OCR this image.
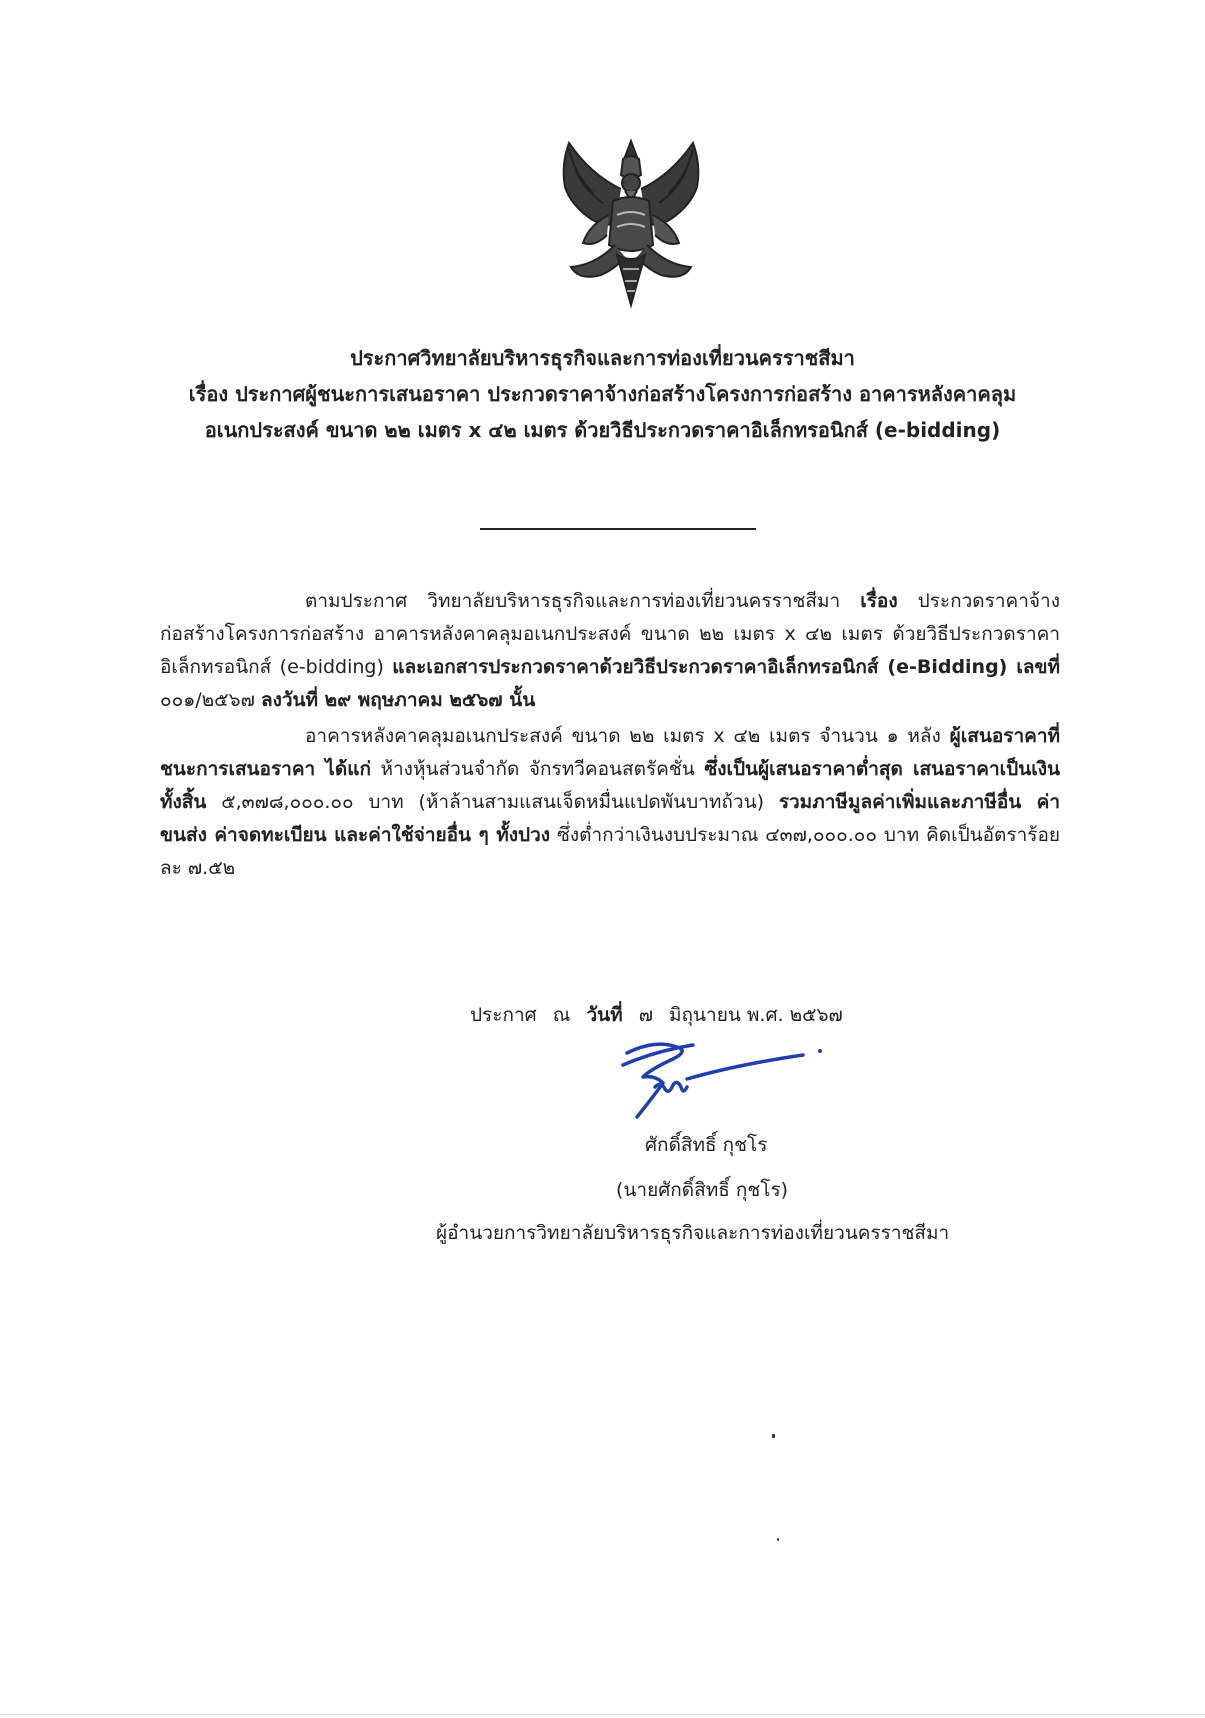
ประกาศวิทยาลัยบริหารธุรกิจและการท่องเที่ยวนครราชสีมา
เรื่อง ประกาศผู้ชนะการเสนอราคา ประกวดราคาจ้างก่อสร้างโครงการก่อสร้าง อาคารหลังคาคลุม
อเนกประสงค์ ขนาด ๒๒ เมตร x ๔๒ เมตร ด้วยวิธีประกวดราคาอิเล็กทรอนิกส์ (e-bidding)
ตามประกาศ วิทยาลัยบริหารธุรกิจและการท่องเที่ยวนครราชสีมา เรื่อง ประกวดราคาจ้างก่อสร้างโครงการก่อสร้าง อาคารหลังคาคลุมอเนกประสงค์ ขนาด ๒๒ เมตร x ๔๒ เมตร ด้วยวิธีประกวดราคาอิเล็กทรอนิกส์ (e-bidding) และเอกสารประกวดราคาด้วยวิธีประกวดราคาอิเล็กทรอนิกส์ (e-Bidding) เลขที่ ๐๐๑/๒๕๖๗ ลงวันที่ ๒๙ พฤษภาคม ๒๕๖๗ นั้น
อาคารหลังคาคลุมอเนกประสงค์ ขนาด ๒๒ เมตร x ๔๒ เมตร จำนวน ๑ หลัง ผู้เสนอราคาที่ชนะการเสนอราคา ได้แก่ ห้างหุ้นส่วนจำกัด จักรทวีคอนสตรัคชั่น ซึ่งเป็นผู้เสนอราคาต่ำสุด เสนอราคาเป็นเงินทั้งสิ้น ๕,๓๗๘,๐๐๐.๐๐ บาท (ห้าล้านสามแสนเจ็ดหมื่นแปดพันบาทถ้วน) รวมภาษีมูลค่าเพิ่มและภาษีอื่น ค่าขนส่ง ค่าจดทะเบียน และค่าใช้จ่ายอื่น ๆ ทั้งปวง ซึ่งต่ำกว่าเงินงบประมาณ ๔๓๗,๐๐๐.๐๐ บาท คิดเป็นอัตราร้อยละ ๗.๕๒
ประกาศ ณ วันที่ ๗ มิถุนายน พ.ศ. ๒๕๖๗
ศักดิ์สิทธิ์ กุชโร
(นายศักดิ์สิทธิ์ กุชโร)
ผู้อำนวยการวิทยาลัยบริหารธุรกิจและการท่องเที่ยวนครราชสีมา
